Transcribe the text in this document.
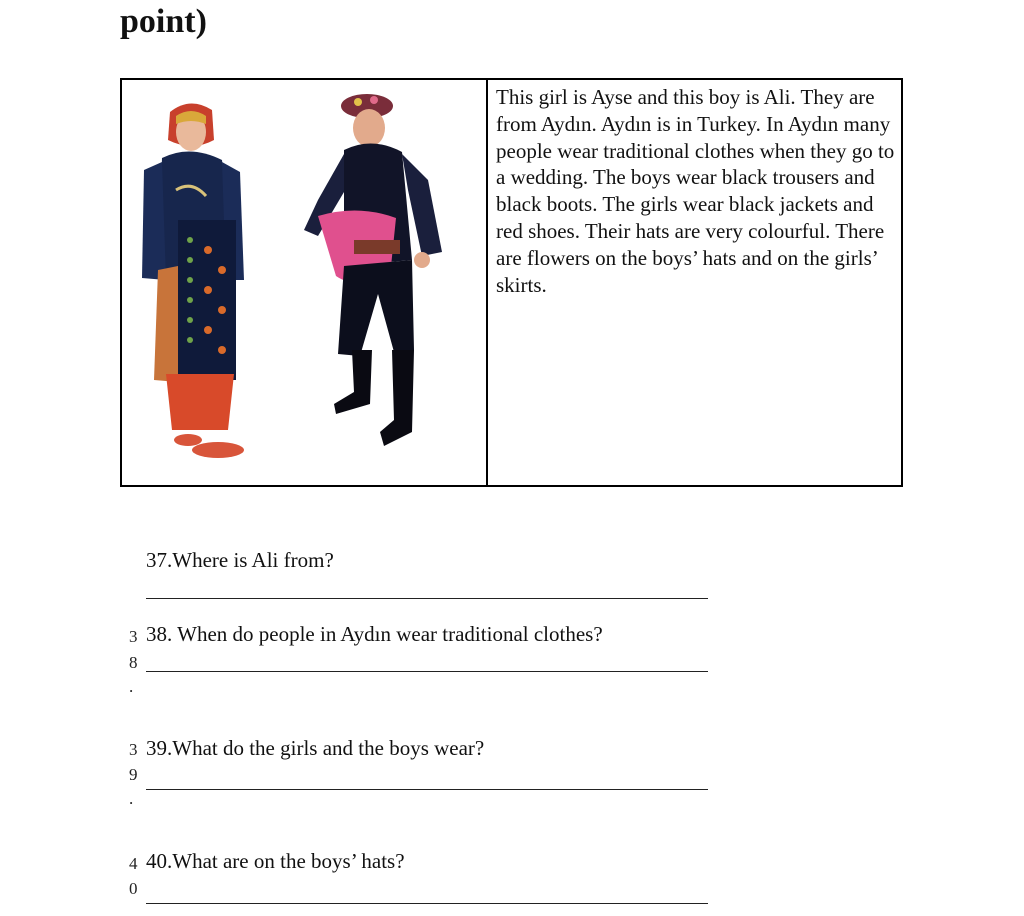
point)
This girl is Ayse and this boy is Ali. They are from Aydın. Aydın is in Turkey. In Aydın many people wear traditional clothes when they go to a wedding. The boys wear black trousers and black boots. The girls wear black jackets and red shoes. Their hats are very colourful. There are flowers on the boys’ hats and on the girls’ skirts.
37.Where is Ali from?
3 38. When do people in Aydın wear traditional clothes?
8
.
3 39.What do the girls and the boys wear?
9
.
4 40.What are on the boys’ hats?
0
